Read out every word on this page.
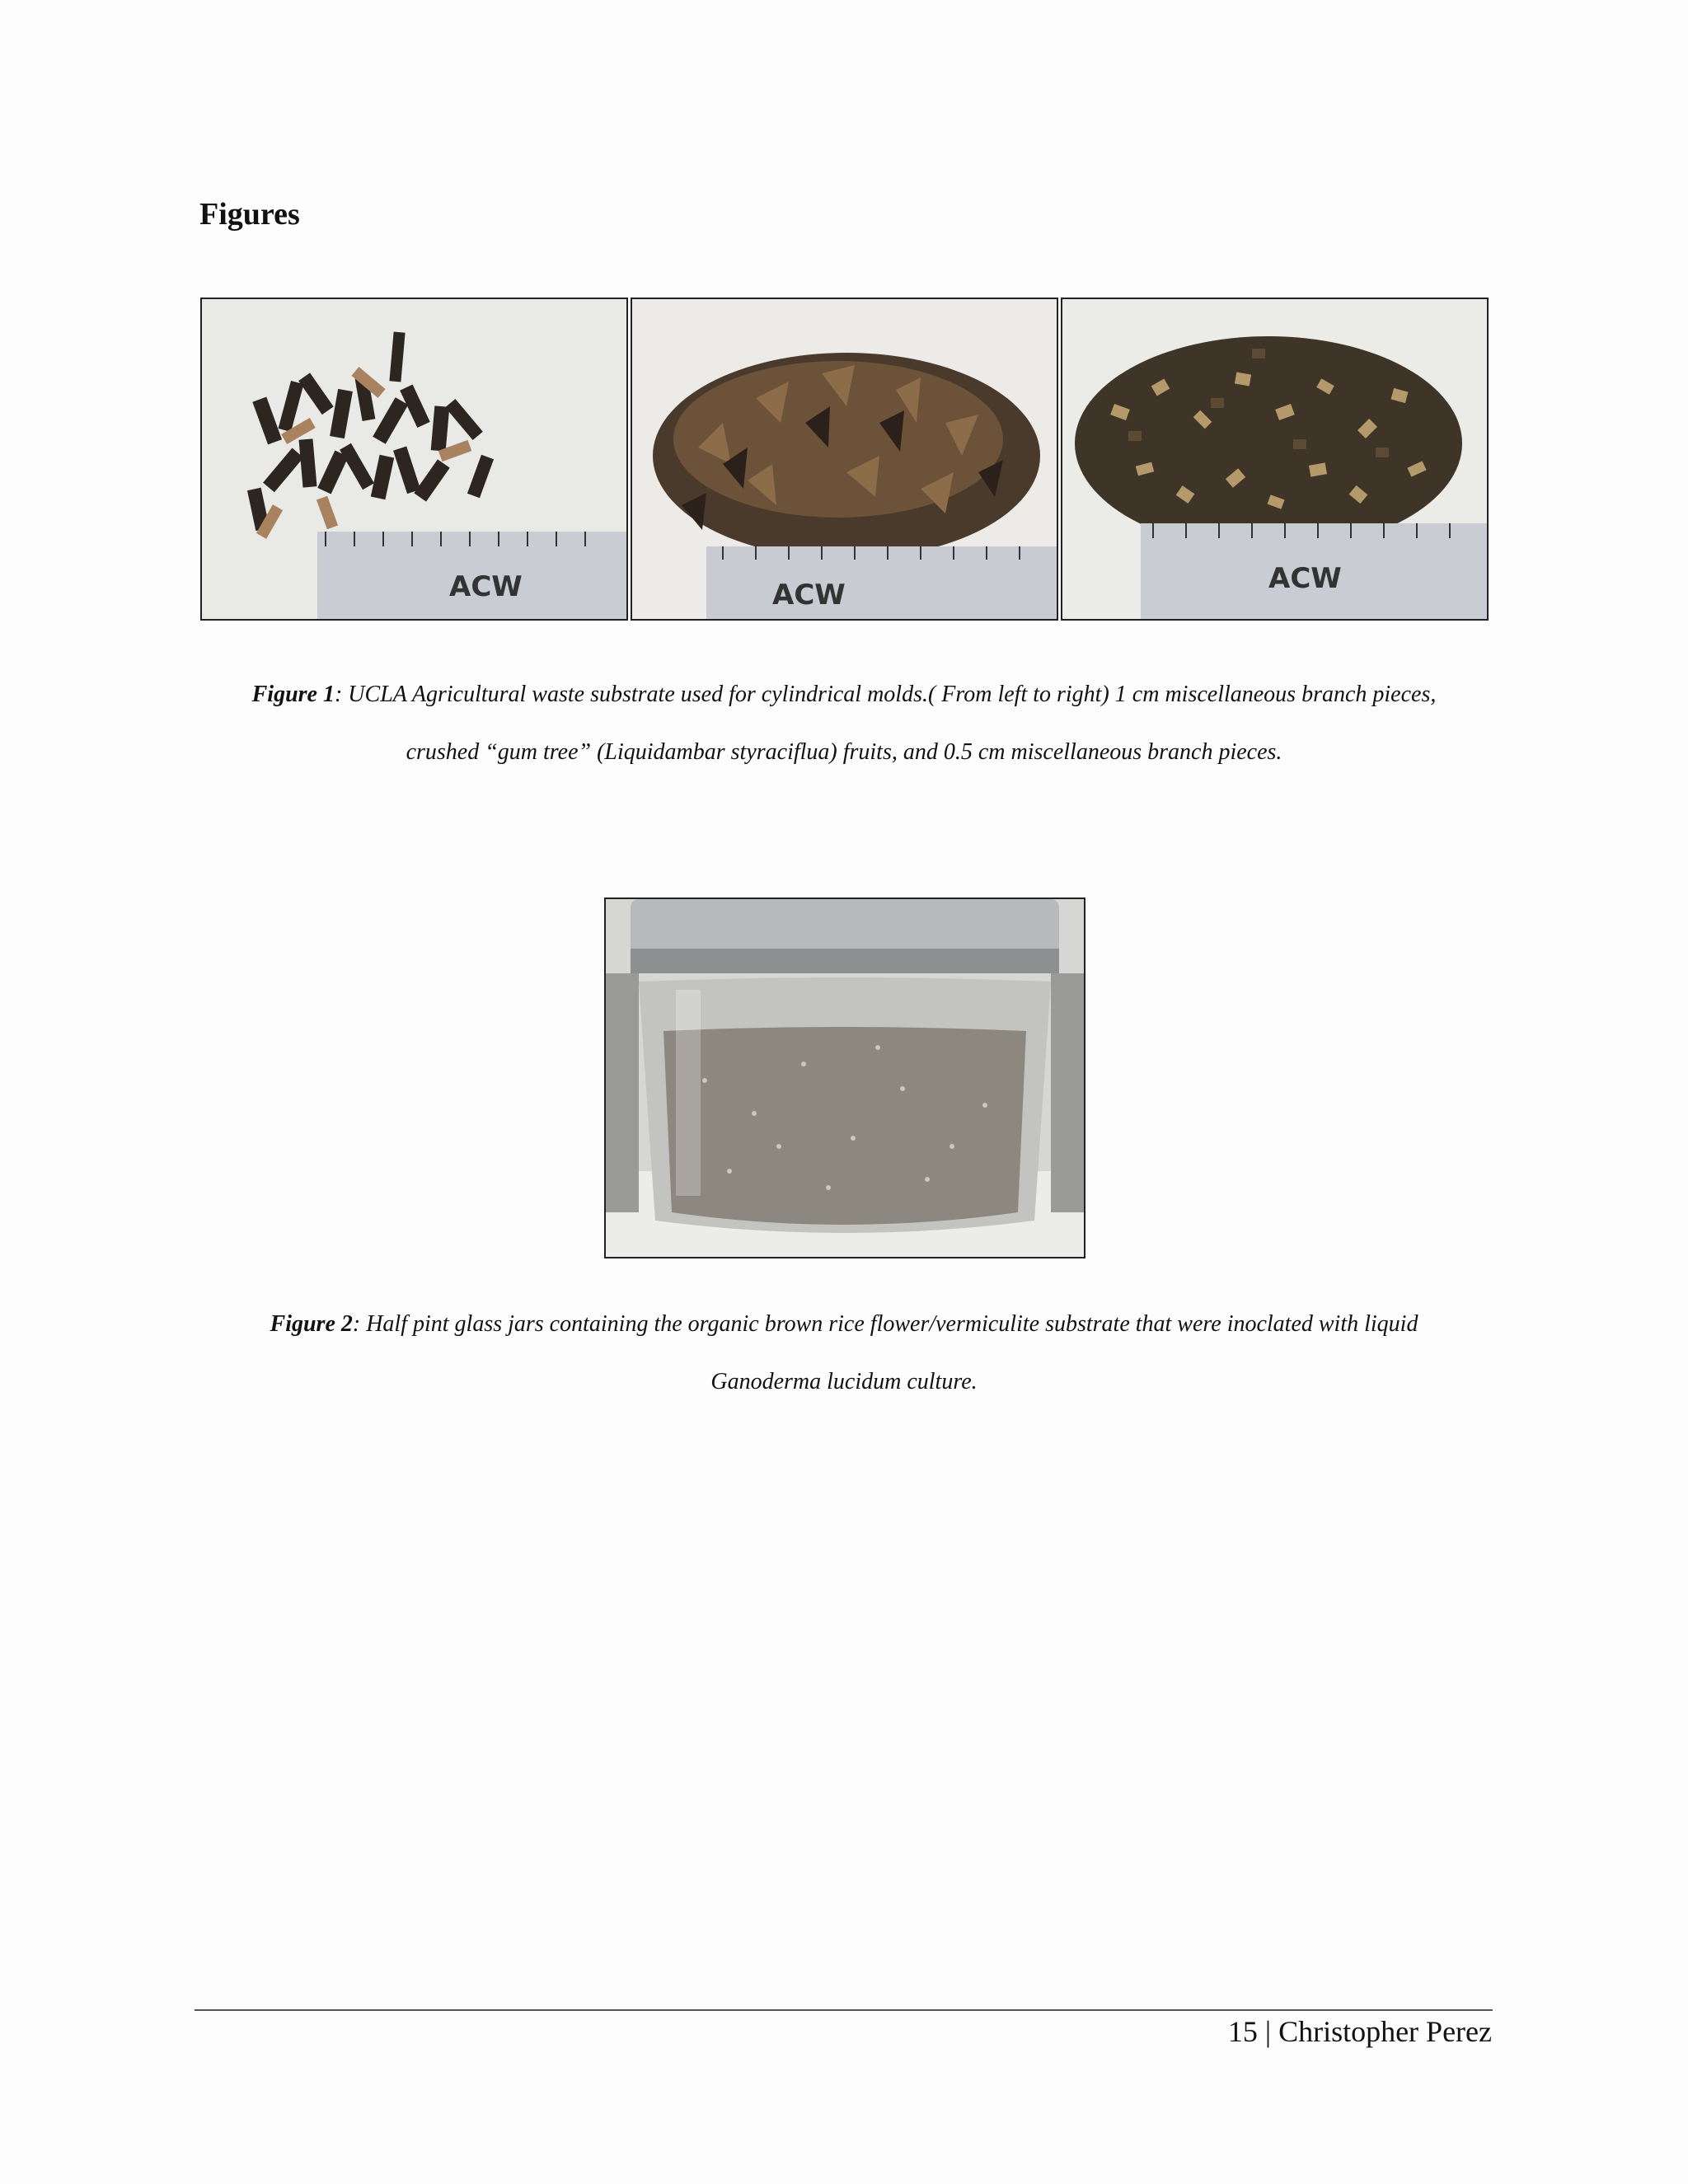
Figures
ACW	ACW	ACW

Figure 1: UCLA Agricultural waste substrate used for cylindrical molds.( From left to right) 1 cm miscellaneous branch pieces,
crushed “gum tree” (Liquidambar styraciflua) fruits, and 0.5 cm miscellaneous branch pieces.

Figure 2: Half pint glass jars containing the organic brown rice flower/vermiculite substrate that were inoclated with liquid
Ganoderma lucidum culture.

15 | Christopher Perez
